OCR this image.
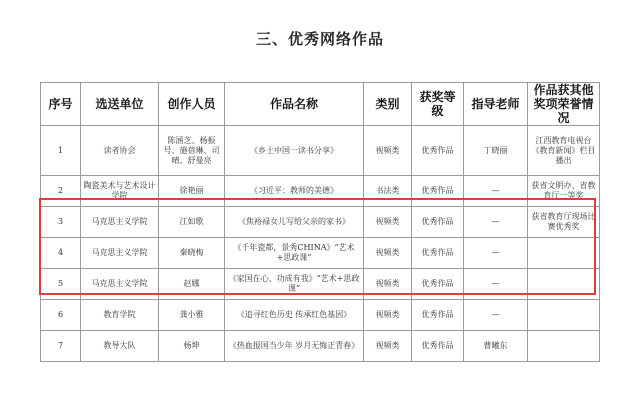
三、优秀网络作品
序号	选送单位	创作人员	作品名称	类别	获奖等级	指导老师	作品获其他奖项荣誉情况
1	读者协会	陈涵芝、杨振号、施蓓琳、司晴、舒曼亮	《乡土中国一读书分享》	视频类	优秀作品	丁晓丽	江西教育电视台《教育新闻》栏目播出
2	陶瓷美术与艺术设计学院	徐艳丽	《习近平：教师的美德》	书法类	优秀作品	—	获省文明办、省教育厅一等奖
3	马克思主义学院	江如歌	《焦裕禄女儿写给父亲的家书》	视频类	优秀作品	—	获省教育厅现场比赛优秀奖
4	马克思主义学院	秦晓梅	《千年瓷都，景秀CHINA》“艺术+思政课”	视频类	优秀作品	—	
5	马克思主义学院	赵娜	《家国在心、功成有我》“艺术+思政课”	视频类	优秀作品	—	
6	教育学院	龚小雅	《追寻红色历史 传承红色基因》	视频类	优秀作品	—	
7	教导大队	杨坤	《热血报国当少年 岁月无悔正青春》	视频类	优秀作品	曹曦东	
